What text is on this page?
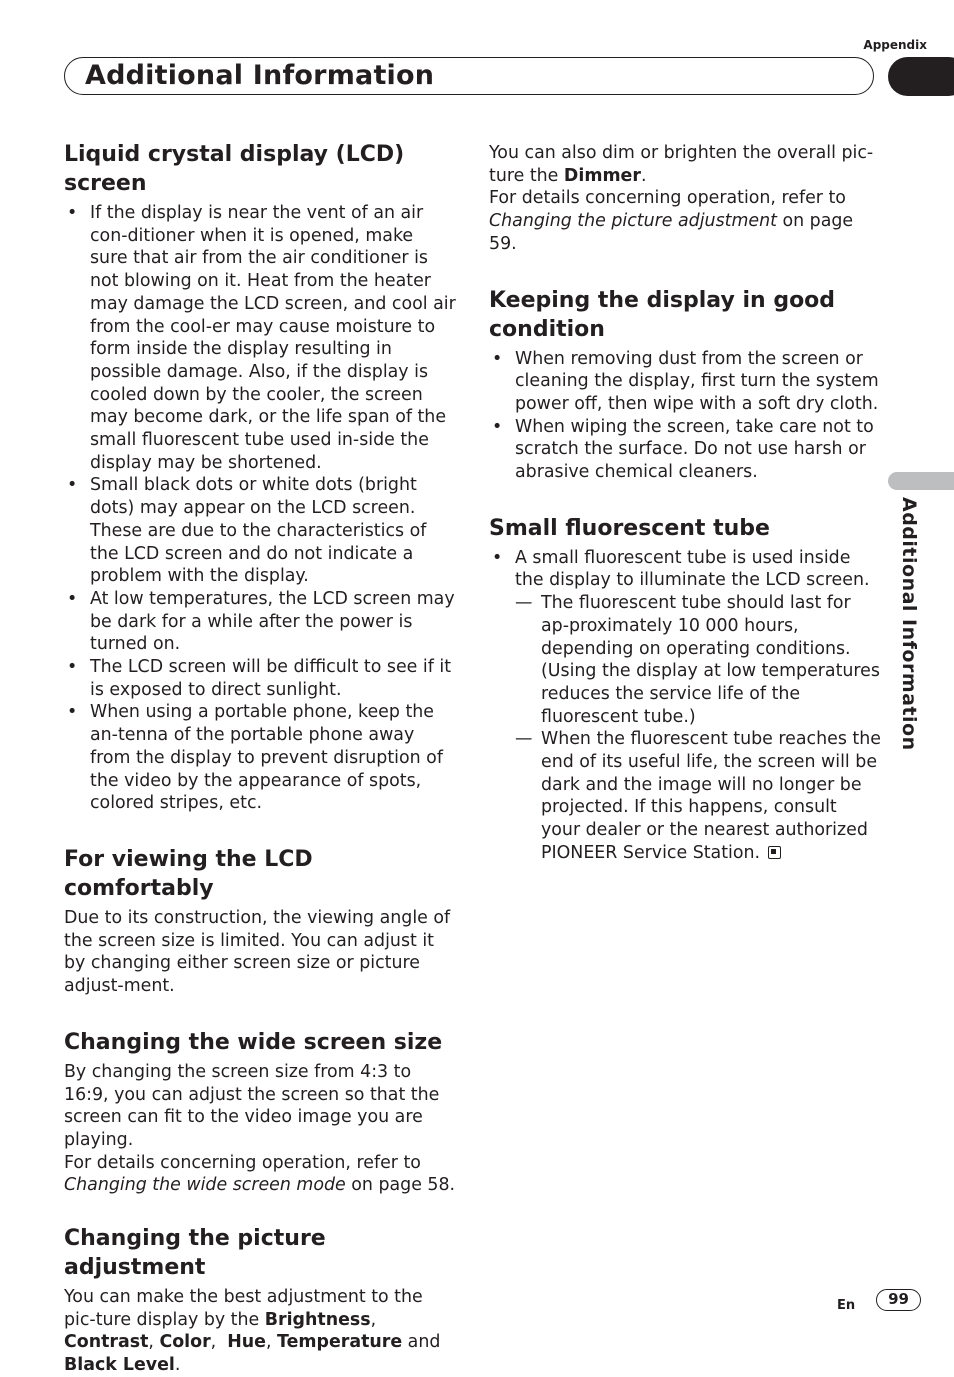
Appendix
Additional Information
Additional Information
Liquid crystal display (LCD) screen
• If the display is near the vent of an air con-ditioner when it is opened, make sure that air from the air conditioner is not blowing on it. Heat from the heater may damage the LCD screen, and cool air from the cool-er may cause moisture to form inside the display resulting in possible damage. Also, if the display is cooled down by the cooler, the screen may become dark, or the life span of the small fluorescent tube used in-side the display may be shortened.
• Small black dots or white dots (bright dots) may appear on the LCD screen. These are due to the characteristics of the LCD screen and do not indicate a problem with the display.
• At low temperatures, the LCD screen may be dark for a while after the power is turned on.
• The LCD screen will be difficult to see if it is exposed to direct sunlight.
• When using a portable phone, keep the an-tenna of the portable phone away from the display to prevent disruption of the video by the appearance of spots, colored stripes, etc.
For viewing the LCD comfortably

Due to its construction, the viewing angle of the screen size is limited. You can adjust it by changing either screen size or picture adjust-ment.

Changing the wide screen size

By changing the screen size from 4:3 to 16:9, you can adjust the screen so that the screen can fit to the video image you are playing.

For details concerning operation, refer to Changing the wide screen mode on page 58.

Changing the picture adjustment

You can make the best adjustment to the pic-ture display by the Brightness, Contrast, Color,  Hue, Temperature and Black Level.

You can also dim or brighten the overall pic-ture the Dimmer.

For details concerning operation, refer to Changing the picture adjustment on page 59.

Keeping the display in good condition
• When removing dust from the screen or cleaning the display, first turn the system power off, then wipe with a soft dry cloth.
• When wiping the screen, take care not to scratch the surface. Do not use harsh or abrasive chemical cleaners.
Small fluorescent tube
• A small fluorescent tube is used inside the display to illuminate the LCD screen.
— The fluorescent tube should last for ap-proximately 10 000 hours, depending on operating conditions. (Using the display at low temperatures reduces the service life of the fluorescent tube.)
— When the fluorescent tube reaches the end of its useful life, the screen will be dark and the image will no longer be projected. If this happens, consult your dealer or the nearest authorized PIONEER Service Station.
En	99
